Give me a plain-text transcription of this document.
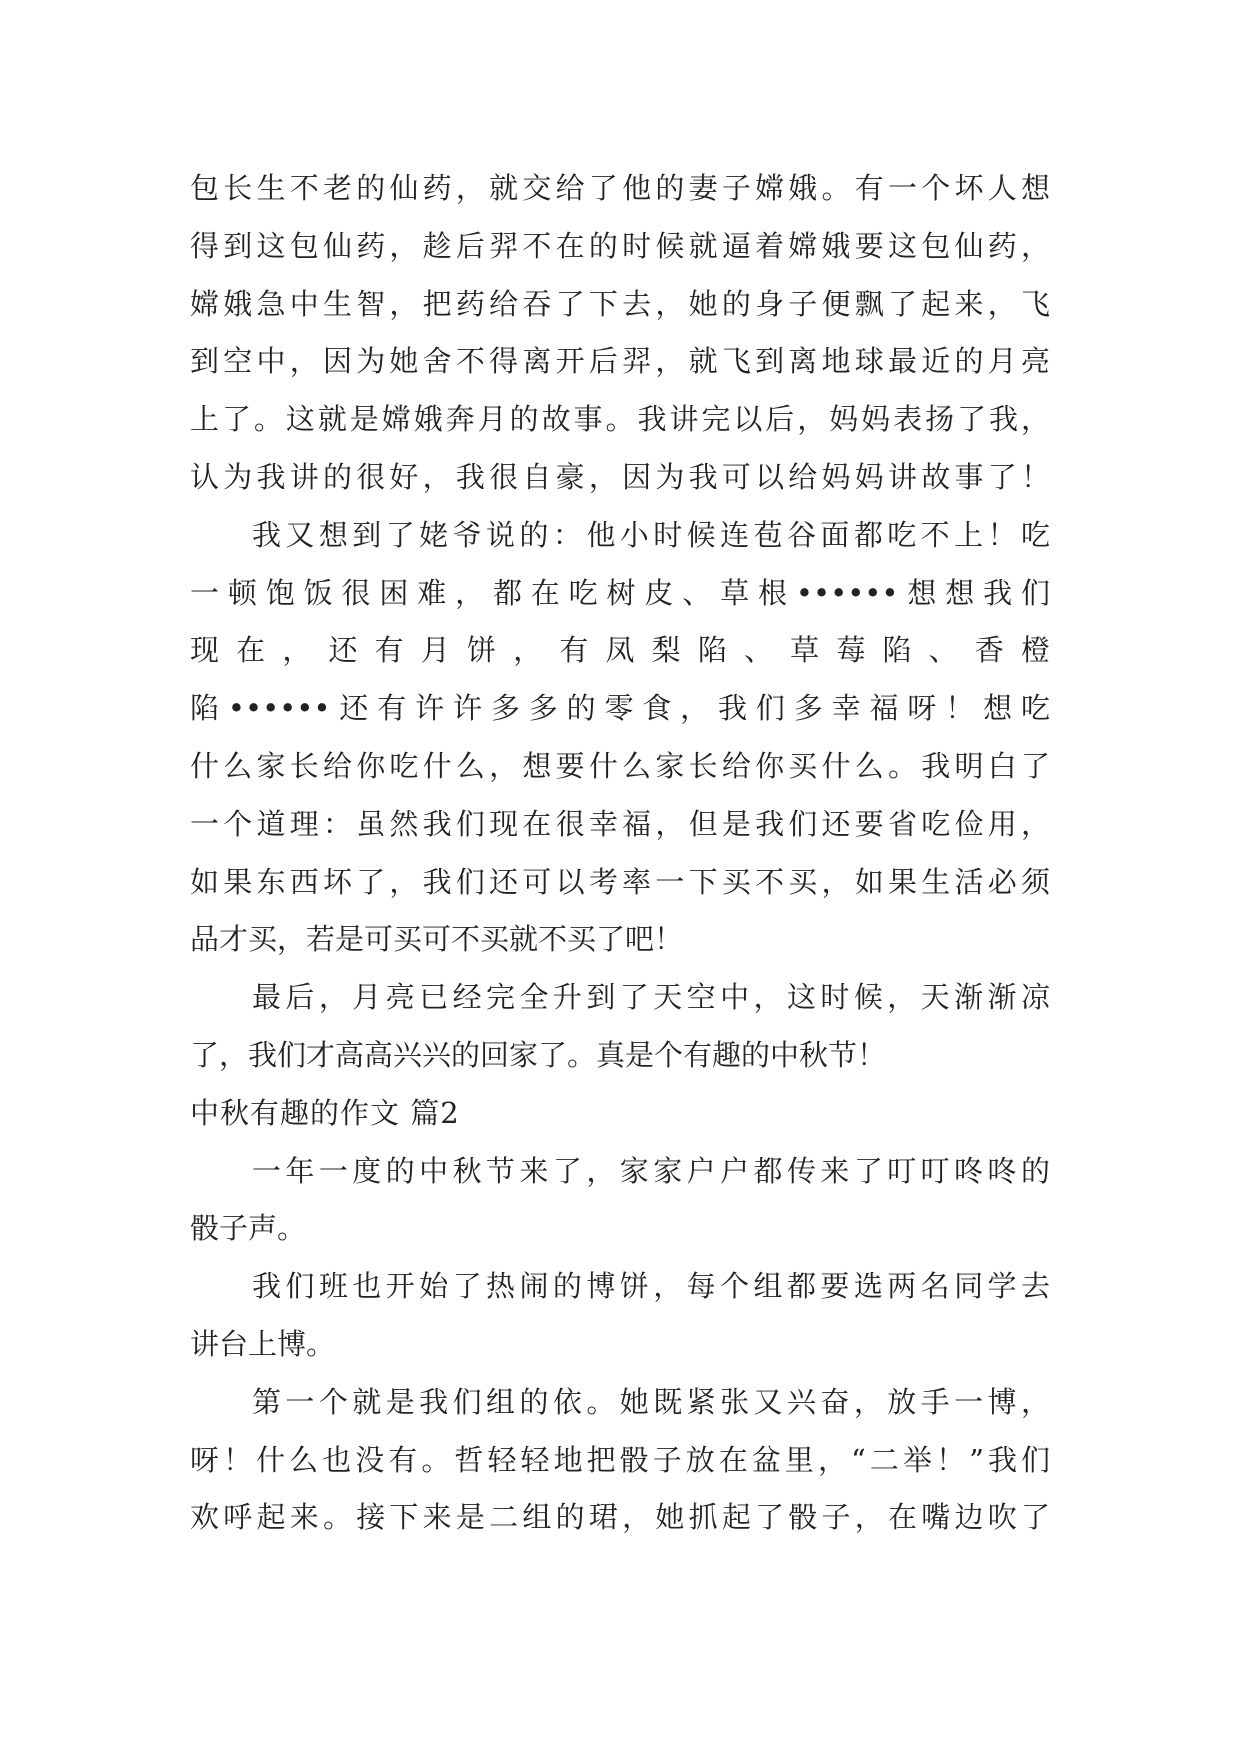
包长生不老的仙药，就交给了他的妻子嫦娥。有一个坏人想
得到这包仙药，趁后羿不在的时候就逼着嫦娥要这包仙药，
嫦娥急中生智，把药给吞了下去，她的身子便飘了起来，飞
到空中，因为她舍不得离开后羿，就飞到离地球最近的月亮
上了。这就是嫦娥奔月的故事。我讲完以后，妈妈表扬了我，
认为我讲的很好，我很自豪，因为我可以给妈妈讲故事了！
我又想到了姥爷说的：他小时候连苞谷面都吃不上！吃
一顿饱饭很困难，都在吃树皮、草根••••••想想我们
现在，还有月饼，有凤梨陷、草莓陷、香橙
陷••••••还有许许多多的零食，我们多幸福呀！想吃
什么家长给你吃什么，想要什么家长给你买什么。我明白了
一个道理：虽然我们现在很幸福，但是我们还要省吃俭用，
如果东西坏了，我们还可以考率一下买不买，如果生活必须
品才买，若是可买可不买就不买了吧！
最后，月亮已经完全升到了天空中，这时候，天渐渐凉
了，我们才高高兴兴的回家了。真是个有趣的中秋节！
中秋有趣的作文 篇2
一年一度的中秋节来了，家家户户都传来了叮叮咚咚的
骰子声。
我们班也开始了热闹的博饼，每个组都要选两名同学去
讲台上博。
第一个就是我们组的依。她既紧张又兴奋，放手一博，
呀！什么也没有。哲轻轻地把骰子放在盆里，“二举！”我们
欢呼起来。接下来是二组的珺，她抓起了骰子，在嘴边吹了
